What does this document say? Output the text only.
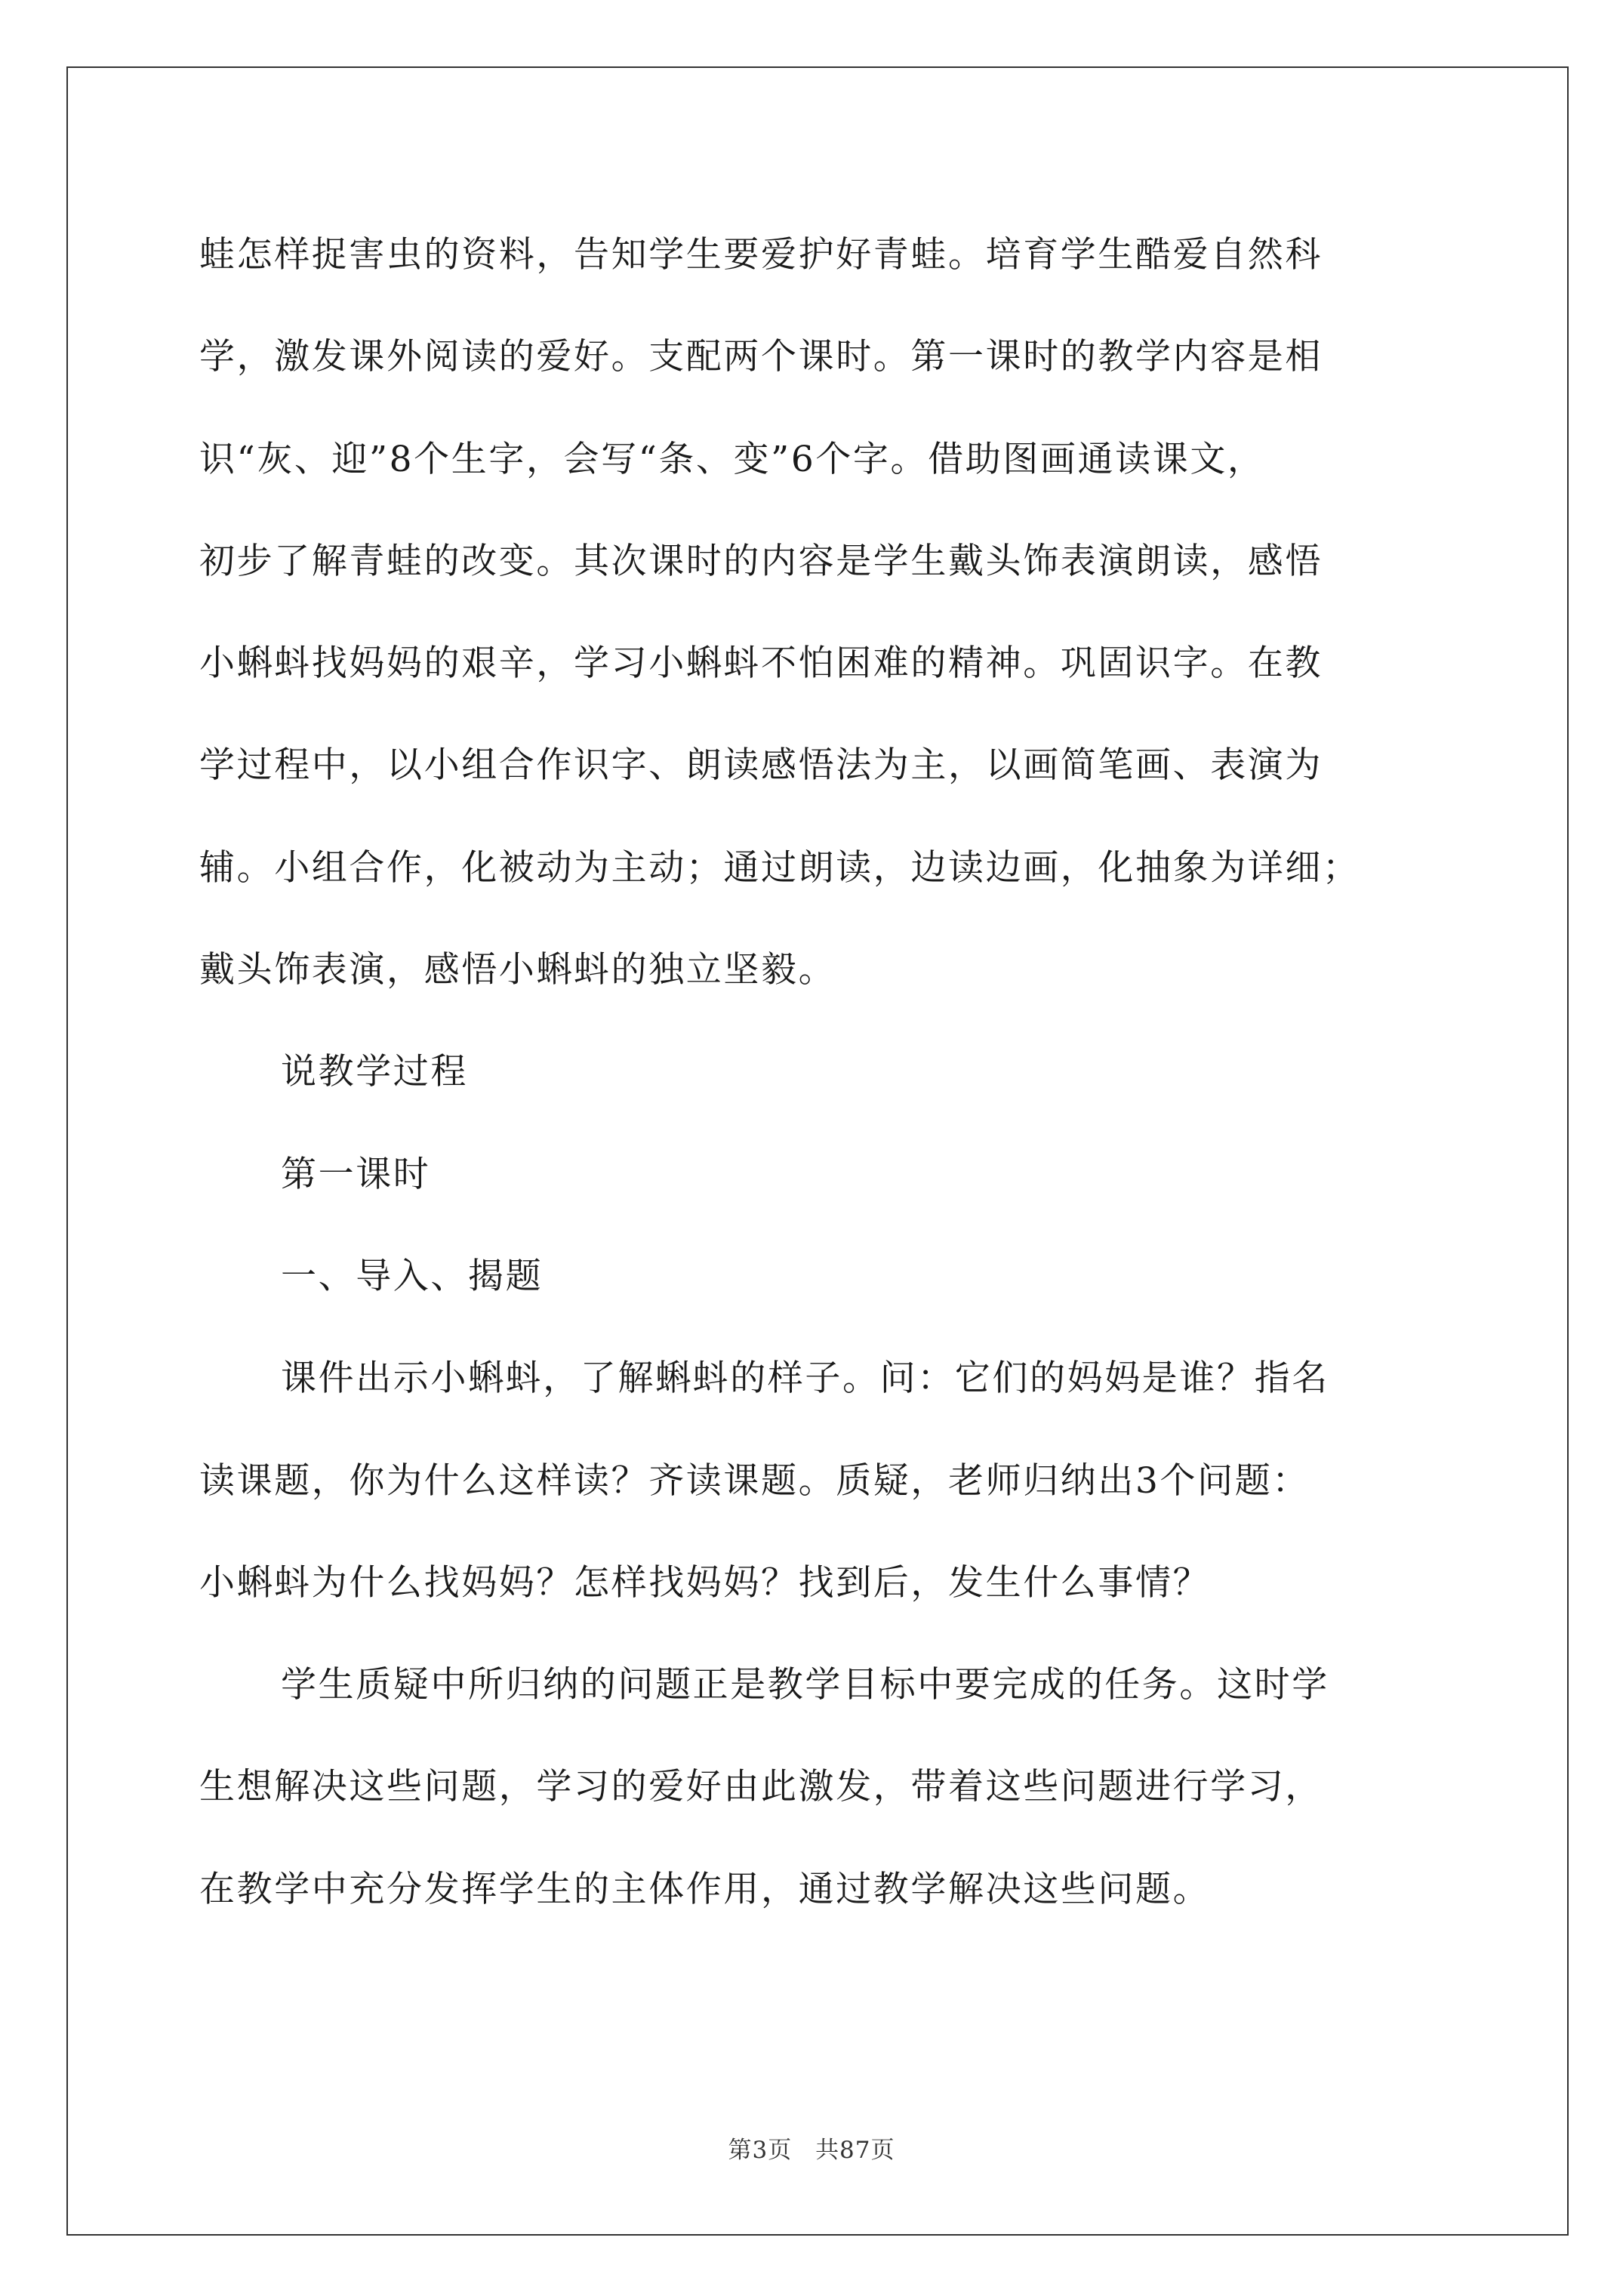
蛙怎样捉害虫的资料，告知学生要爱护好青蛙。培育学生酷爱自然科
学，激发课外阅读的爱好。支配两个课时。第一课时的教学内容是相
识“灰、迎”8个生字，会写“条、变”6个字。借助图画通读课文，
初步了解青蛙的改变。其次课时的内容是学生戴头饰表演朗读，感悟
小蝌蚪找妈妈的艰辛，学习小蝌蚪不怕困难的精神。巩固识字。在教
学过程中，以小组合作识字、朗读感悟法为主，以画简笔画、表演为
辅。小组合作，化被动为主动；通过朗读，边读边画，化抽象为详细；
戴头饰表演，感悟小蝌蚪的独立坚毅。
说教学过程
第一课时
一、导入、揭题
课件出示小蝌蚪，了解蝌蚪的样子。问：它们的妈妈是谁？指名
读课题，你为什么这样读？齐读课题。质疑，老师归纳出3个问题：
小蝌蚪为什么找妈妈？怎样找妈妈？找到后，发生什么事情？
学生质疑中所归纳的问题正是教学目标中要完成的任务。这时学
生想解决这些问题，学习的爱好由此激发，带着这些问题进行学习，
在教学中充分发挥学生的主体作用，通过教学解决这些问题。
第3页 共87页
